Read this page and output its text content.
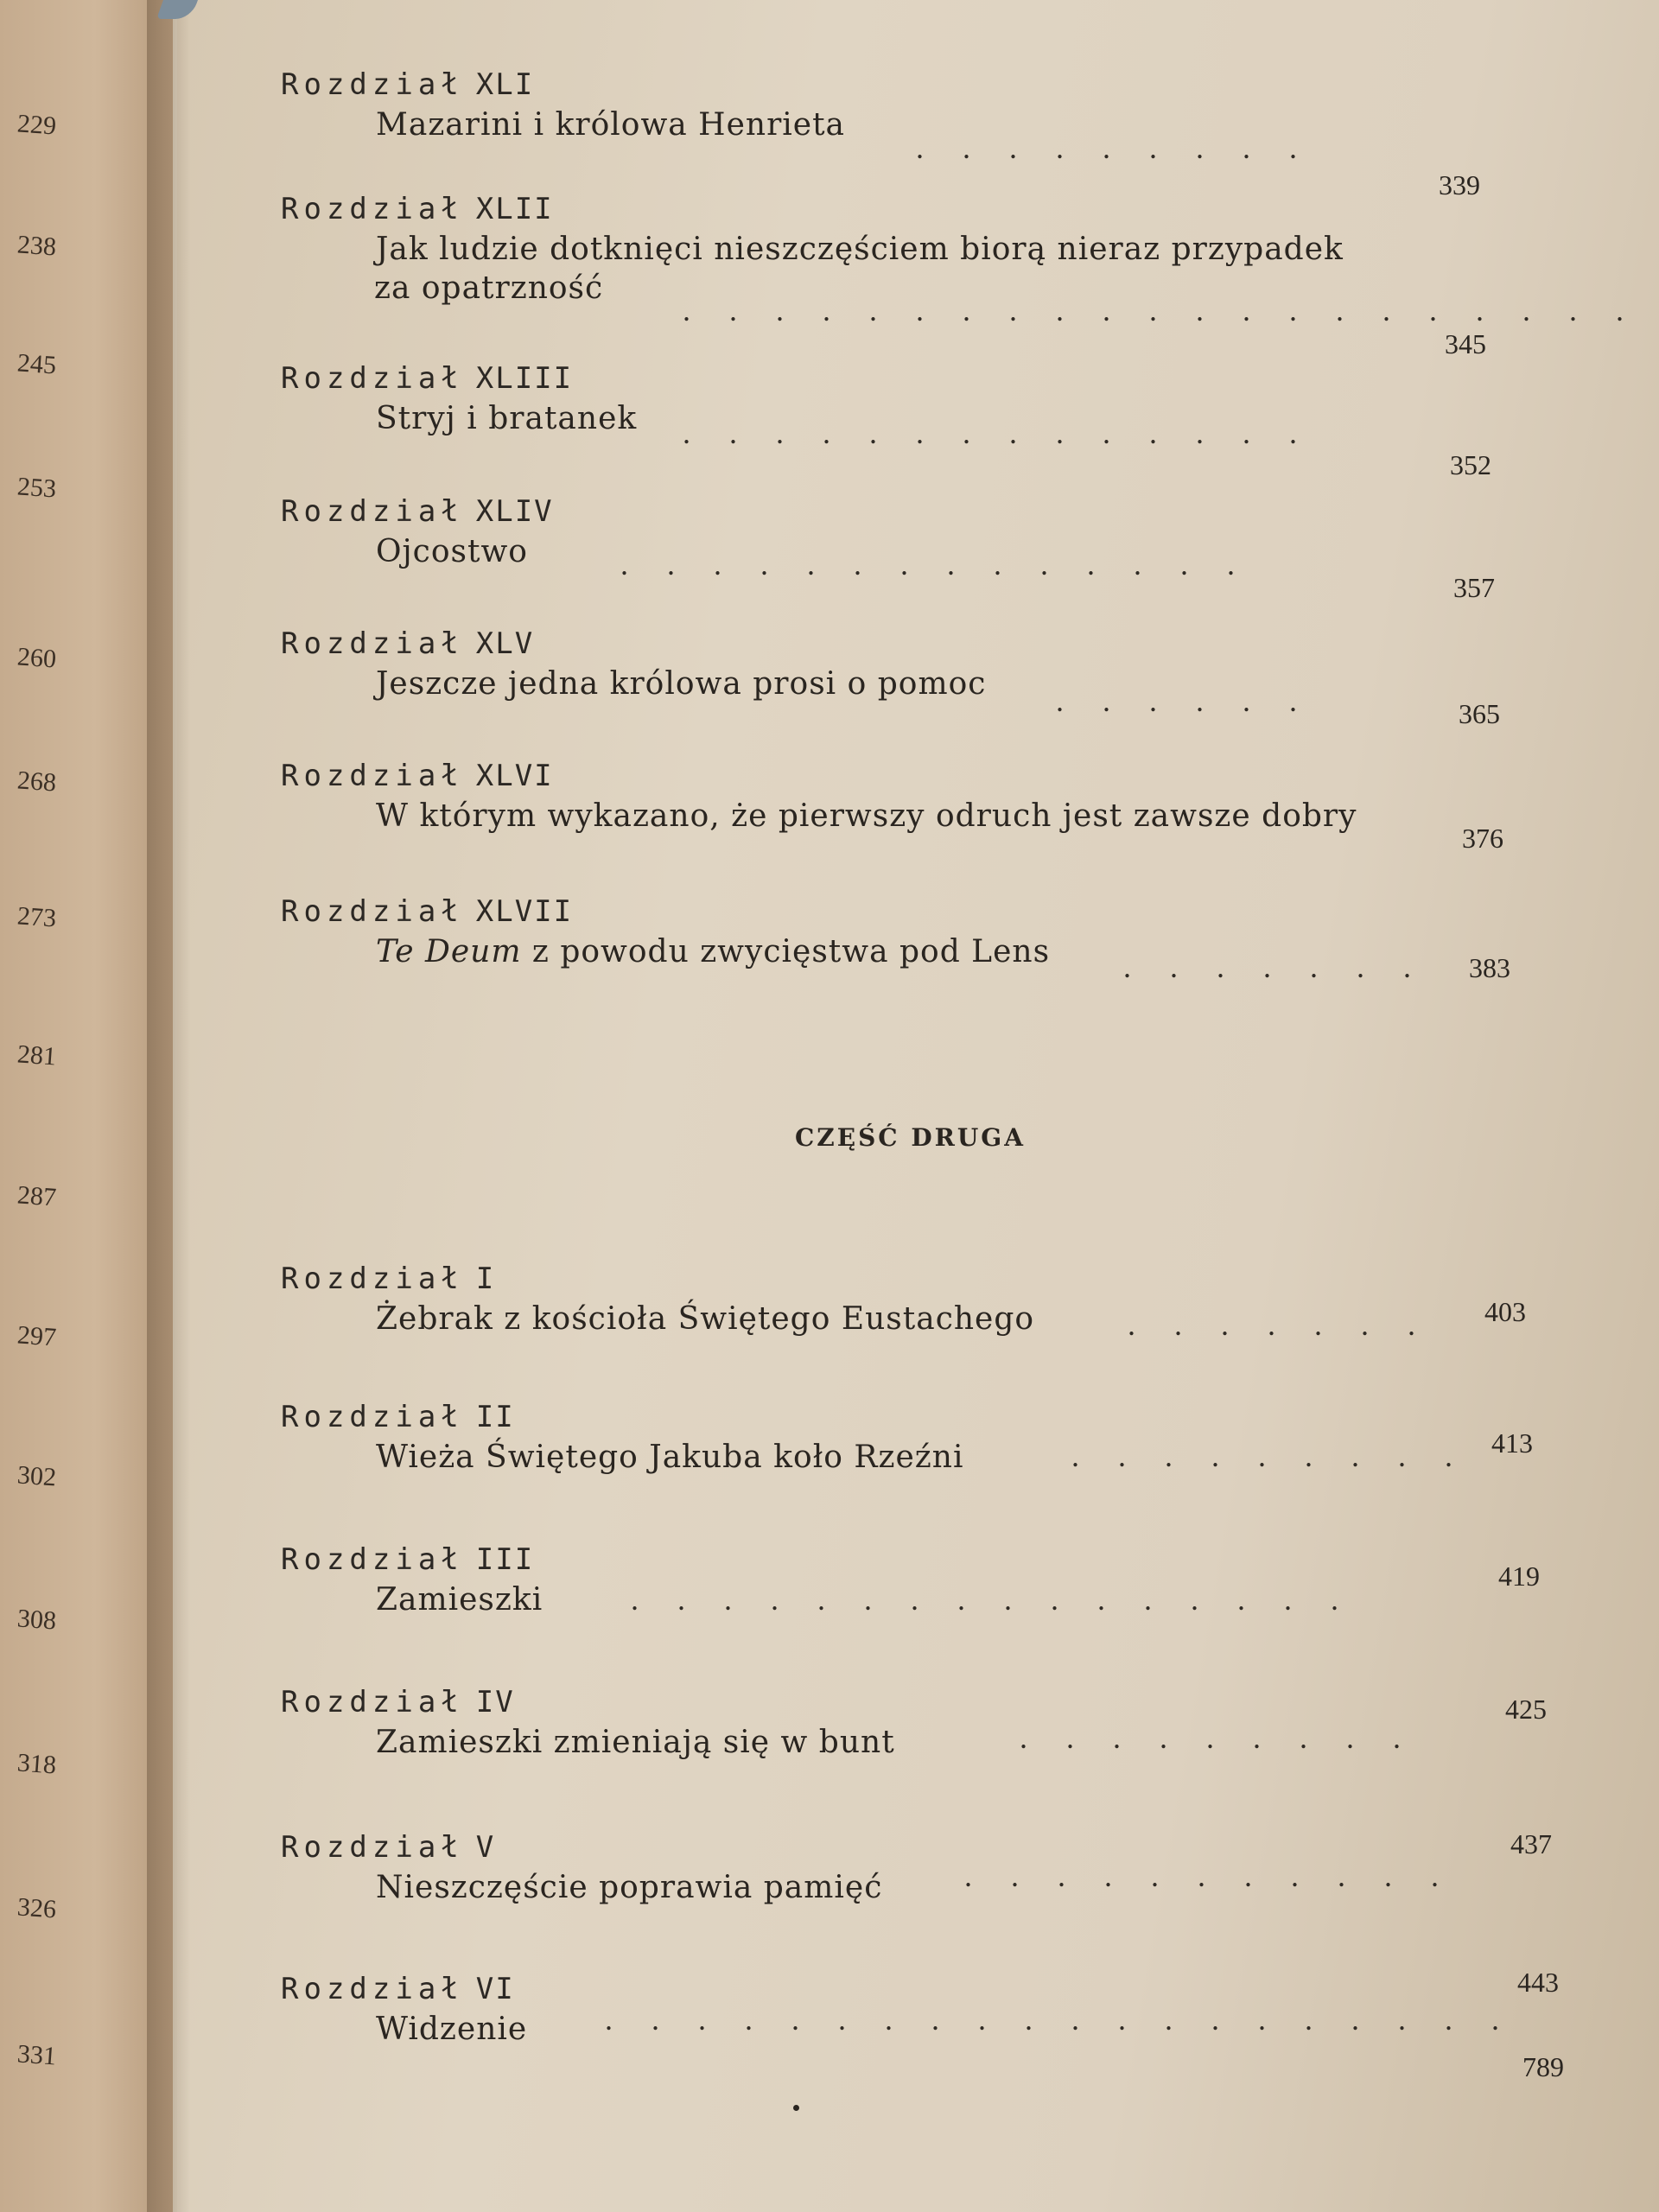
229
238
245
253
260
268
273
281
287
297
302
308
318
326
331
Rozdział XLI
Mazarini i królowa Henrieta
. . . . . . . . .
339
Rozdział XLII
Jak ludzie dotknięci nieszczęściem biorą nieraz przypadek
za opatrzność
. . . . . . . . . . . . . . . . . . . . .
345
Rozdział XLIII
Stryj i bratanek	. . . . . . . . . . . . . .
352
Rozdział XLIV
Ojcostwo	. . . . . . . . . . . . . .
357
Rozdział XLV
Jeszcze jedna królowa prosi o pomoc	. . . . . .	365
Rozdział XLVI
W którym wykazano, że pierwszy odruch jest zawsze dobry
376
Rozdział XLVII
Te Deum z powodu zwycięstwa pod Lens	. . . . . . . 383
CZĘŚĆ DRUGA
Rozdział I
Żebrak z kościoła Świętego Eustachego	. . . . . . . 403
Rozdział II
Wieża Świętego Jakuba koło Rzeźni	. . . . . . . . . 413
Rozdział III
Zamieszki	. . . . . . . . . . . . . . . .
419
Rozdział IV
Zamieszki zmieniają się w bunt	. . . . . . . . .
425
Rozdział V
Nieszczęście poprawia pamięć	. . . . . . . . . . .
437
Rozdział VI
Widzenie	. . . . . . . . . . . . . . . . . . . .
443
789
